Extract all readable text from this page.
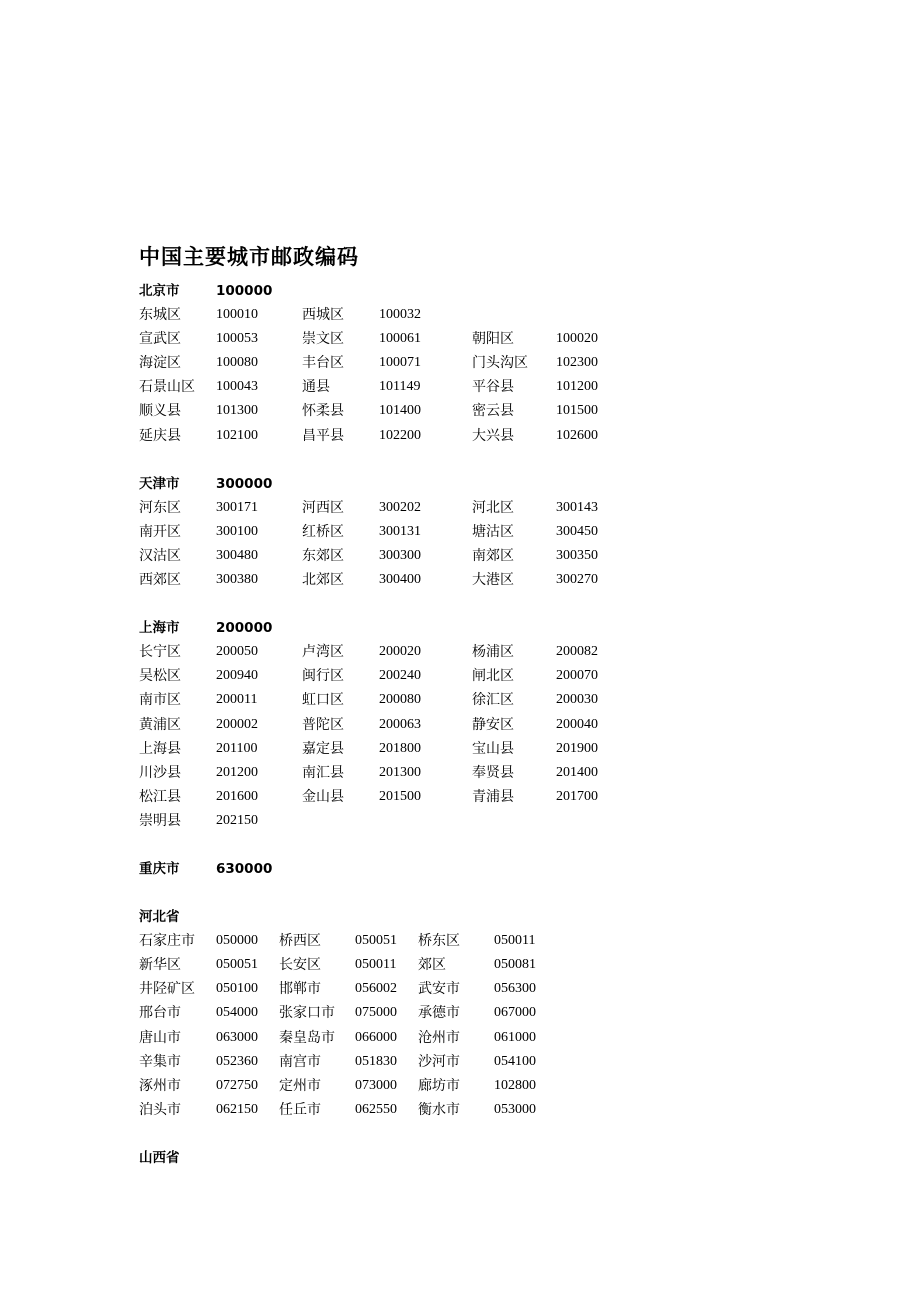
中国主要城市邮政编码
北京市	100000
东城区	100010	西城区	100032
宣武区	100053	崇文区	100061	朝阳区	100020
海淀区	100080	丰台区	100071	门头沟区 102300
石景山区 100043	通县	101149	平谷县	101200
顺义县	101300	怀柔县	101400	密云县	101500
延庆县	102100	昌平县	102200	大兴县	102600
天津市	300000
河东区	300171	河西区	300202	河北区	300143
南开区	300100	红桥区	300131	塘沽区	300450
汉沽区	300480	东郊区	300300	南郊区	300350
西郊区	300380	北郊区	300400	大港区	300270
上海市	200000
长宁区	200050	卢湾区	200020	杨浦区	200082
吴松区	200940	闽行区	200240	闸北区	200070
南市区	200011	虹口区	200080	徐汇区	200030
黄浦区	200002	普陀区	200063	静安区	200040
上海县	201100	嘉定县	201800	宝山县	201900
川沙县	201200	南汇县	201300	奉贤县	201400
松江县	201600	金山县	201500	青浦县	201700
崇明县	202150
重庆市	630000
河北省
石家庄市 050000 桥西区 050051 桥东区 050011
新华区	050051 长安区 050011 郊区	050081
井陉矿区 050100 邯郸市 056002 武安市 056300
邢台市	054000 张家口市 075000 承德市 067000
唐山市	063000 秦皇岛市 066000 沧州市 061000
辛集市	052360 南宫市 051830 沙河市 054100
涿州市	072750 定州市 073000 廊坊市 102800
泊头市	062150 任丘市 062550 衡水市 053000
山西省
